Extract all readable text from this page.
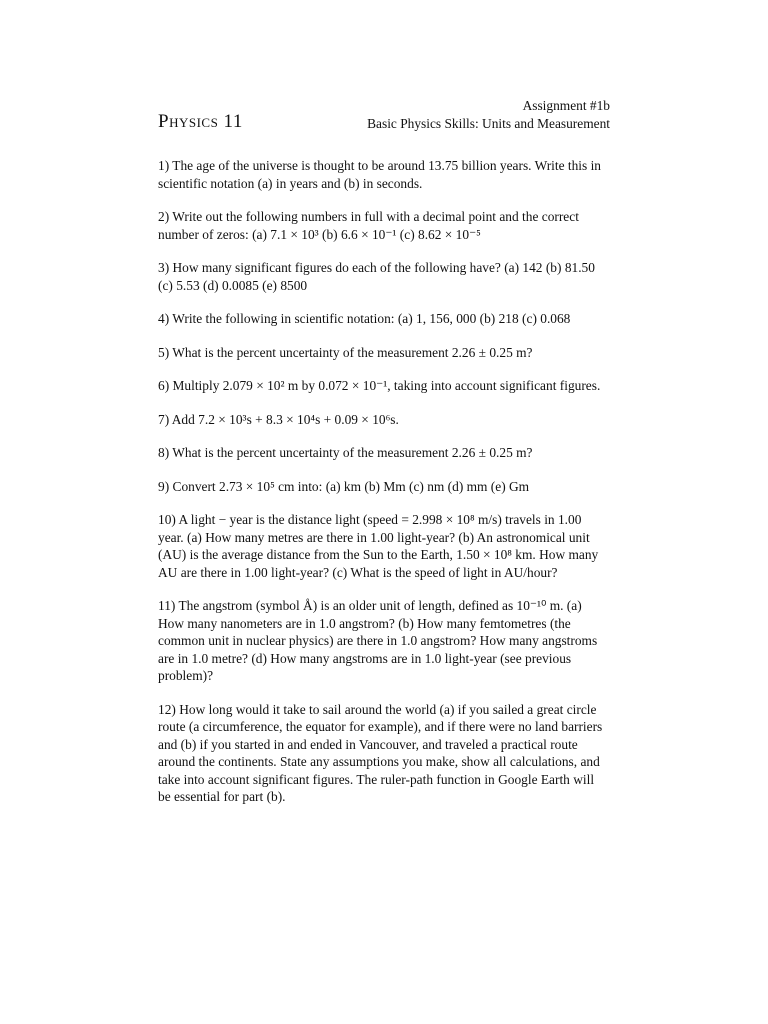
Physics 11
Assignment #1b
Basic Physics Skills: Units and Measurement

1) The age of the universe is thought to be around 13.75 billion years. Write this in scientific notation (a) in years and (b) in seconds.

2) Write out the following numbers in full with a decimal point and the correct number of zeros: (a) 7.1 × 10³ (b) 6.6 × 10⁻¹ (c) 8.62 × 10⁻⁵

3) How many significant figures do each of the following have? (a) 142 (b) 81.50 (c) 5.53 (d) 0.0085 (e) 8500

4) Write the following in scientific notation: (a) 1, 156, 000 (b) 218 (c) 0.068

5) What is the percent uncertainty of the measurement 2.26 ± 0.25 m?

6) Multiply 2.079 × 10² m by 0.072 × 10⁻¹, taking into account significant figures.

7) Add 7.2 × 10³s + 8.3 × 10⁴s + 0.09 × 10⁶s.

8) What is the percent uncertainty of the measurement 2.26 ± 0.25 m?

9) Convert 2.73 × 10⁵ cm into: (a) km (b) Mm (c) nm (d) mm (e) Gm

10) A light − year is the distance light (speed = 2.998 × 10⁸ m/s) travels in 1.00 year. (a) How many metres are there in 1.00 light-year? (b) An astronomical unit (AU) is the average distance from the Sun to the Earth, 1.50 × 10⁸ km. How many AU are there in 1.00 light-year? (c) What is the speed of light in AU/hour?

11) The angstrom (symbol Å) is an older unit of length, defined as 10⁻¹⁰ m. (a) How many nanometers are in 1.0 angstrom? (b) How many femtometres (the common unit in nuclear physics) are there in 1.0 angstrom? How many angstroms are in 1.0 metre? (d) How many angstroms are in 1.0 light-year (see previous problem)?

12) How long would it take to sail around the world (a) if you sailed a great circle route (a circumference, the equator for example), and if there were no land barriers and (b) if you started in and ended in Vancouver, and traveled a practical route around the continents. State any assumptions you make, show all calculations, and take into account significant figures. The ruler-path function in Google Earth will be essential for part (b).
